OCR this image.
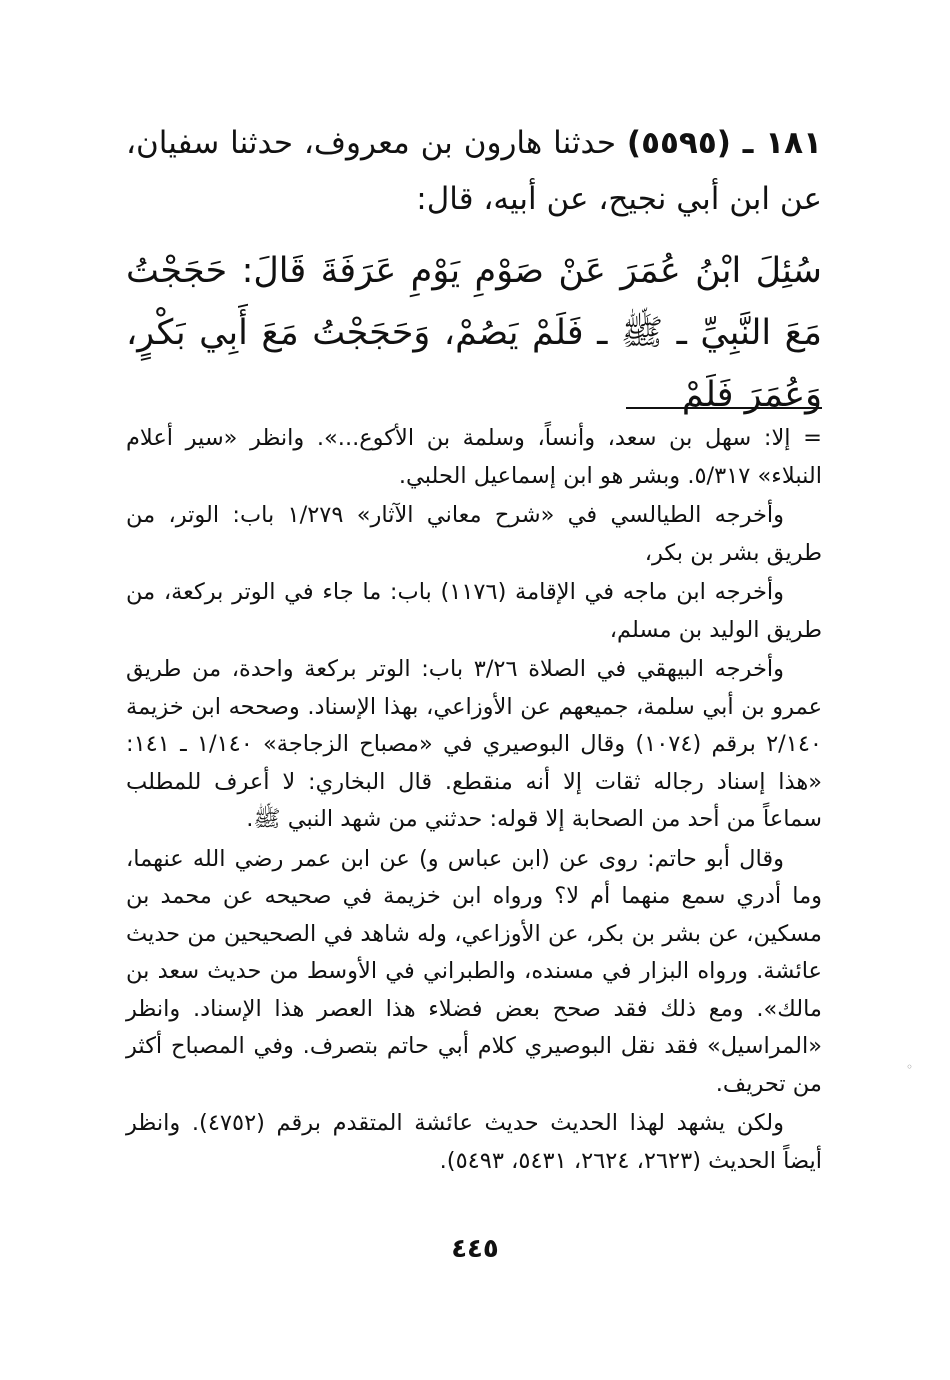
١٨١ ـ (٥٥٩٥) حدثنا هارون بن معروف، حدثنا سفيان، عن ابن أبي نجيح، عن أبيه، قال:
سُئِلَ ابْنُ عُمَرَ عَنْ صَوْمِ يَوْمِ عَرَفَةَ قَالَ: حَجَجْتُ مَعَ النَّبِيِّ ـ ﷺ ـ فَلَمْ يَصُمْ، وَحَجَجْتُ مَعَ أَبِي بَكْرٍ، وَعُمَرَ فَلَمْ

= إلا: سهل بن سعد، وأنساً، وسلمة بن الأكوع...». وانظر «سير أعلام النبلاء» ٥/٣١٧. وبشر هو ابن إسماعيل الحلبي.

وأخرجه الطيالسي في «شرح معاني الآثار» ١/٢٧٩ باب: الوتر، من طريق بشر بن بكر،

وأخرجه ابن ماجه في الإقامة (١١٧٦) باب: ما جاء في الوتر بركعة، من طريق الوليد بن مسلم،

وأخرجه البيهقي في الصلاة ٣/٢٦ باب: الوتر بركعة واحدة، من طريق عمرو بن أبي سلمة، جميعهم عن الأوزاعي، بهذا الإسناد. وصححه ابن خزيمة ٢/١٤٠ برقم (١٠٧٤) وقال البوصيري في «مصباح الزجاجة» ١/١٤٠ ـ ١٤١: «هذا إسناد رجاله ثقات إلا أنه منقطع. قال البخاري: لا أعرف للمطلب سماعاً من أحد من الصحابة إلا قوله: حدثني من شهد النبي ﷺ.

وقال أبو حاتم: روى عن (ابن عباس و) عن ابن عمر رضي الله عنهما، وما أدري سمع منهما أم لا؟ ورواه ابن خزيمة في صحيحه عن محمد بن مسكين، عن بشر بن بكر، عن الأوزاعي، وله شاهد في الصحيحين من حديث عائشة. ورواه البزار في مسنده، والطبراني في الأوسط من حديث سعد بن مالك». ومع ذلك فقد صحح بعض فضلاء هذا العصر هذا الإسناد. وانظر «المراسيل» فقد نقل البوصيري كلام أبي حاتم بتصرف. وفي المصباح أكثر من تحريف.

ولكن يشهد لهذا الحديث حديث عائشة المتقدم برقم (٤٧٥٢). وانظر أيضاً الحديث (٢٦٢٣، ٢٦٢٤، ٥٤٣١، ٥٤٩٣).

٤٤٥
◦
